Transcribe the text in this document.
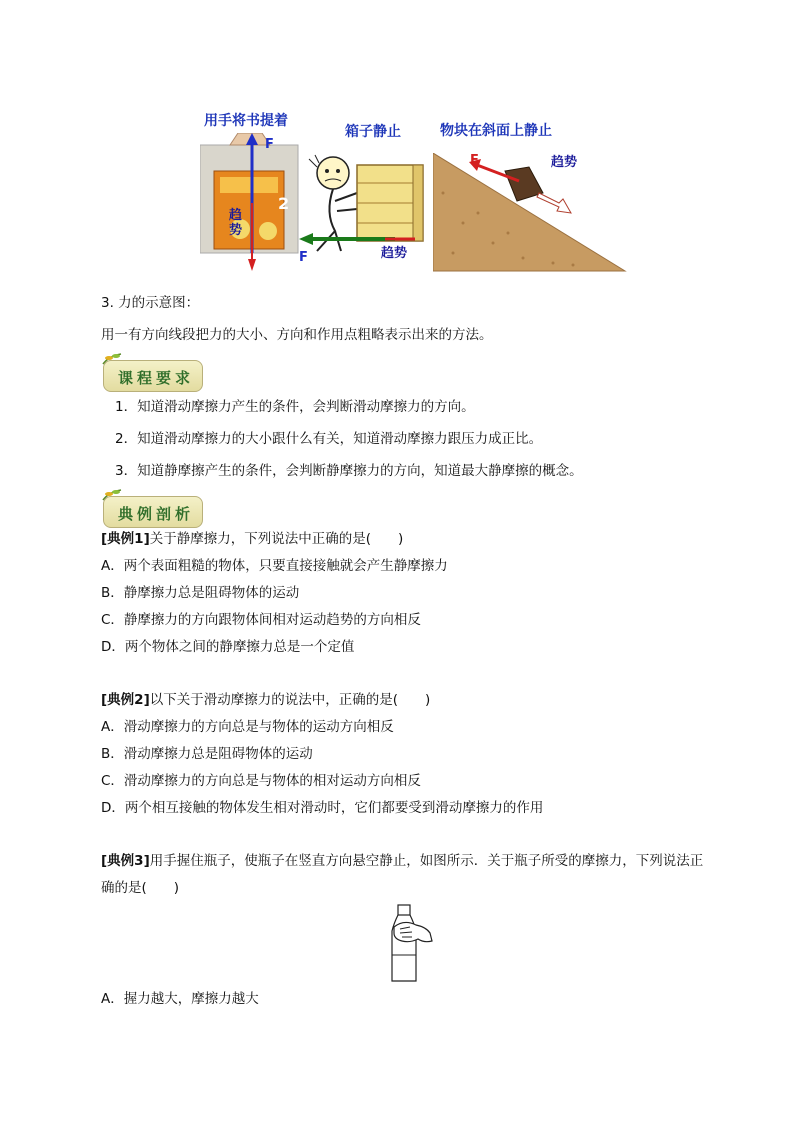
用手将书提着
箱子静止	物块在斜面上静止
2
F
趋势
F	趋势
F	趋势
3. 力的示意图：
用一有方向线段把力的大小、方向和作用点粗略表示出来的方法。
课程要求
1．知道滑动摩擦力产生的条件，会判断滑动摩擦力的方向。
2．知道滑动摩擦力的大小跟什么有关，知道滑动摩擦力跟压力成正比。
3．知道静摩擦产生的条件，会判断静摩擦力的方向，知道最大静摩擦的概念。
典例剖析
[典例1]关于静摩擦力，下列说法中正确的是(　　)
A．两个表面粗糙的物体，只要直接接触就会产生静摩擦力
B．静摩擦力总是阻碍物体的运动
C．静摩擦力的方向跟物体间相对运动趋势的方向相反
D．两个物体之间的静摩擦力总是一个定值
[典例2]以下关于滑动摩擦力的说法中，正确的是(　　)
A．滑动摩擦力的方向总是与物体的运动方向相反
B．滑动摩擦力总是阻碍物体的运动
C．滑动摩擦力的方向总是与物体的相对运动方向相反
D．两个相互接触的物体发生相对滑动时，它们都要受到滑动摩擦力的作用
[典例3]用手握住瓶子，使瓶子在竖直方向悬空静止，如图所示．关于瓶子所受的摩擦力，下列说法正
确的是(　　)
A．握力越大，摩擦力越大
